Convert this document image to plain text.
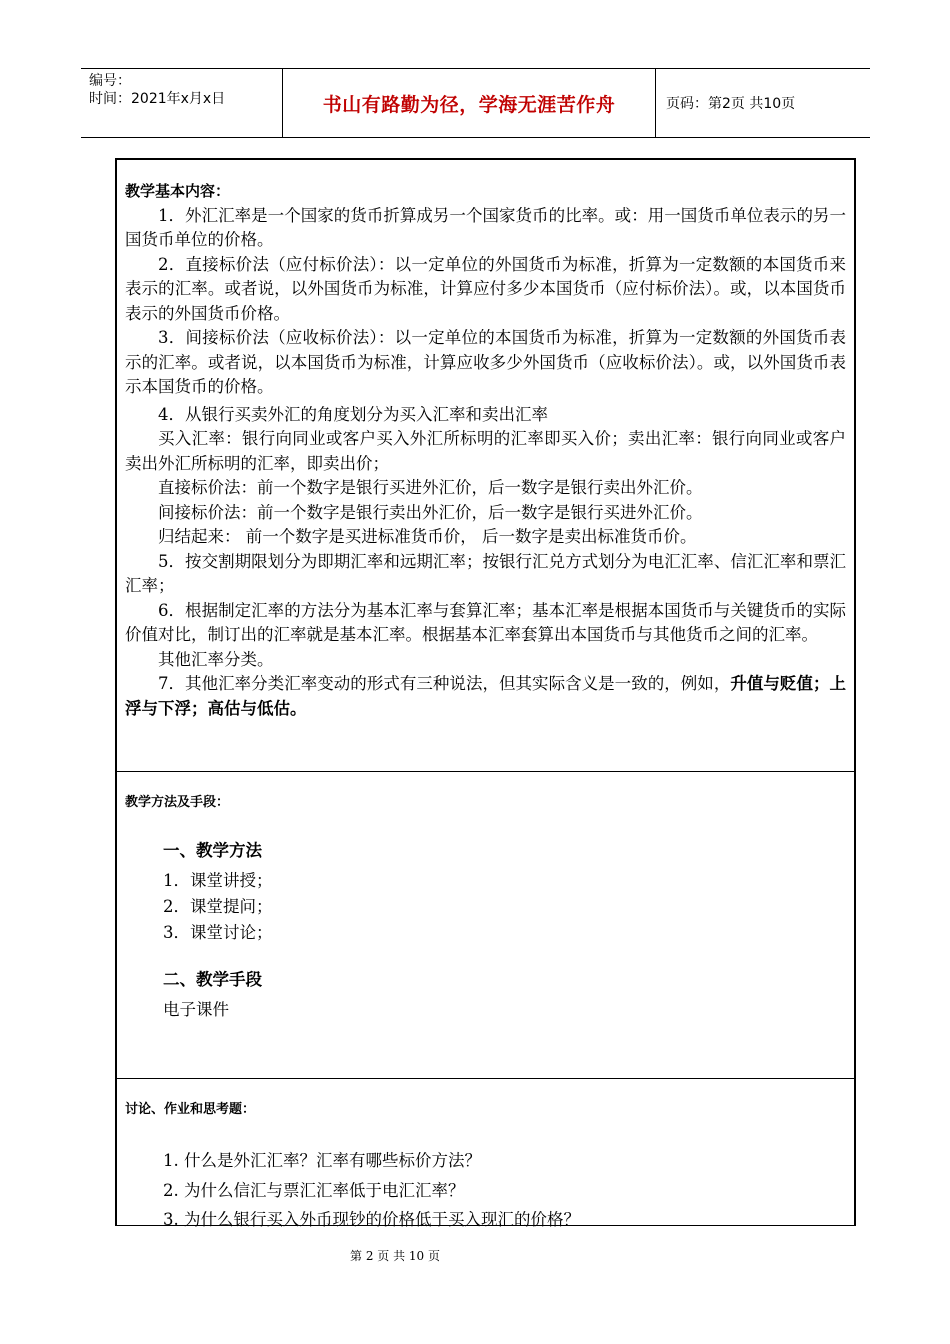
编号：
时间：2021年x月x日	书山有路勤为径，学海无涯苦作舟	页码：第2页 共10页

教学基本内容：

1．外汇汇率是一个国家的货币折算成另一个国家货币的比率。或：用一国货币单位表示的另一国货币单位的价格。

2．直接标价法（应付标价法）：以一定单位的外国货币为标准，折算为一定数额的本国货币来表示的汇率。或者说，以外国货币为标准，计算应付多少本国货币（应付标价法）。或，以本国货币表示的外国货币价格。

3．间接标价法（应收标价法）：以一定单位的本国货币为标准，折算为一定数额的外国货币表示的汇率。或者说，以本国货币为标准，计算应收多少外国货币（应收标价法）。或，以外国货币表示本国货币的价格。

4．从银行买卖外汇的角度划分为买入汇率和卖出汇率

买入汇率：银行向同业或客户买入外汇所标明的汇率即买入价；卖出汇率：银行向同业或客户卖出外汇所标明的汇率，即卖出价；

直接标价法：前一个数字是银行买进外汇价，后一数字是银行卖出外汇价。

间接标价法：前一个数字是银行卖出外汇价，后一数字是银行买进外汇价。

归结起来： 前一个数字是买进标准货币价， 后一数字是卖出标准货币价。

5．按交割期限划分为即期汇率和远期汇率；按银行汇兑方式划分为电汇汇率、信汇汇率和票汇汇率；

6．根据制定汇率的方法分为基本汇率与套算汇率；基本汇率是根据本国货币与关键货币的实际价值对比，制订出的汇率就是基本汇率。根据基本汇率套算出本国货币与其他货币之间的汇率。

其他汇率分类。

7．其他汇率分类汇率变动的形式有三种说法，但其实际含义是一致的，例如，升值与贬值；上浮与下浮；高估与低估。

教学方法及手段：
一、教学方法
1．课堂讲授；
2．课堂提问；
3．课堂讨论；
二、教学手段
电子课件
讨论、作业和思考题：
1. 什么是外汇汇率？汇率有哪些标价方法？
2. 为什么信汇与票汇汇率低于电汇汇率？
3. 为什么银行买入外币现钞的价格低于买入现汇的价格？
第 2 页 共 10 页
